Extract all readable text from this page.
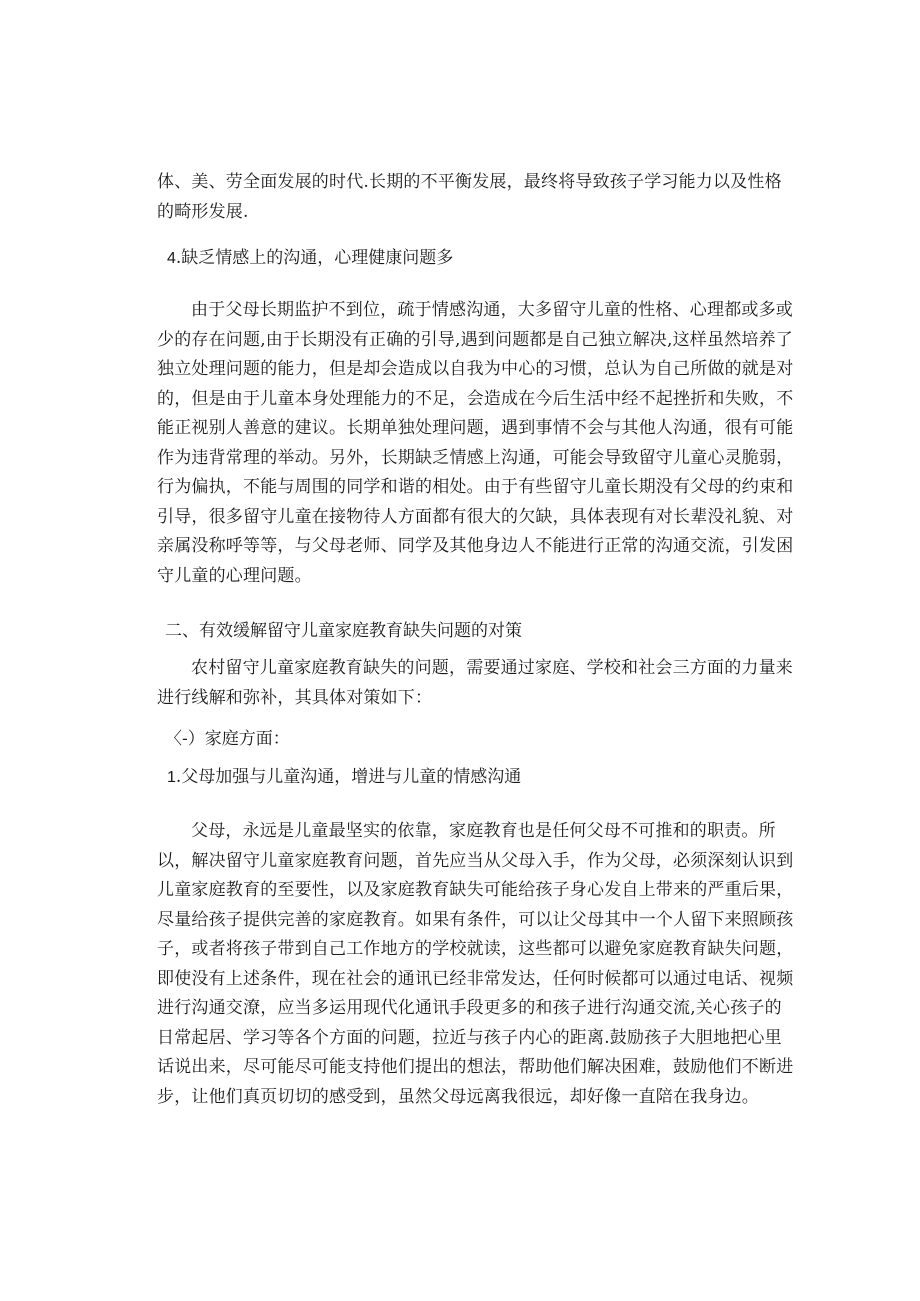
体、美、劳全面发展的时代.长期的不平衡发展，最终将导致孩子学习能力以及性格的畸形发展.

4.缺乏情感上的沟通，心理健康问题多

由于父母长期监护不到位，疏于情感沟通，大多留守儿童的性格、心理都或多或少的存在问题,由于长期没有正确的引导,遇到问题都是自己独立解决,这样虽然培养了独立处理问题的能力，但是却会造成以自我为中心的习惯，总认为自己所做的就是对的，但是由于儿童本身处理能力的不足，会造成在今后生活中经不起挫折和失败，不能正视别人善意的建议。长期单独处理问题，遇到事情不会与其他人沟通，很有可能作为违背常理的举动。另外，长期缺乏情感上沟通，可能会导致留守儿童心灵脆弱，行为偏执，不能与周围的同学和谐的相处。由于有些留守儿童长期没有父母的约束和引导，很多留守儿童在接物待人方面都有很大的欠缺，具体表现有对长辈没礼貌、对亲属没称呼等等，与父母老师、同学及其他身边人不能进行正常的沟通交流，引发困守儿童的心理问题。

二、有效缓解留守儿童家庭教育缺失问题的对策

农村留守儿童家庭教育缺失的问题，需要通过家庭、学校和社会三方面的力量来进行线解和弥补，其具体对策如下：

〈-）家庭方面：

1.父母加强与儿童沟通，增进与儿童的情感沟通

父母，永远是儿童最坚实的依靠，家庭教育也是任何父母不可推和的职责。所以，解决留守儿童家庭教育问题，首先应当从父母入手，作为父母，必须深刻认识到儿童家庭教育的至要性，以及家庭教育缺失可能给孩子身心发自上带来的严重后果，尽量给孩子提供完善的家庭教育。如果有条件，可以让父母其中一个人留下来照顾孩子，或者将孩子带到自己工作地方的学校就读，这些都可以避免家庭教育缺失问题，即使没有上述条件，现在社会的通讯已经非常发达，任何时候都可以通过电话、视频进行沟通交潦，应当多运用现代化通讯手段更多的和孩子进行沟通交流,关心孩子的日常起居、学习等各个方面的问题，拉近与孩子内心的距离.鼓励孩子大胆地把心里话说出来，尽可能尽可能支持他们提出的想法，帮助他们解决困难，鼓励他们不断进步，让他们真页切切的感受到，虽然父母远离我很远，却好像一直陪在我身边。
